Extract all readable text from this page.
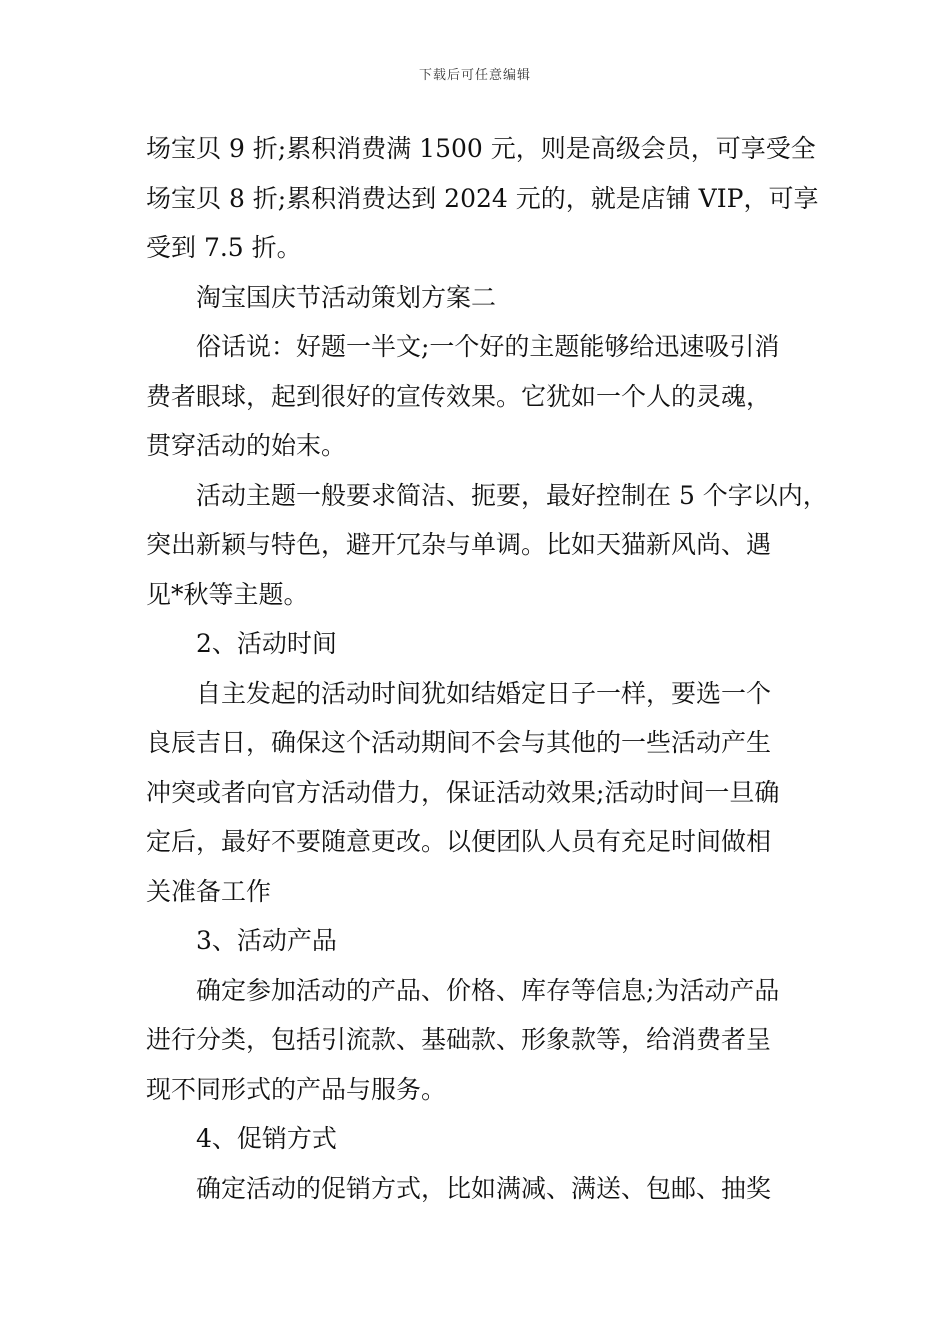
下载后可任意编辑
场宝贝 9 折;累积消费满 1500 元，则是高级会员，可享受全
场宝贝 8 折;累积消费达到 2024 元的，就是店铺 VIP，可享
受到 7.5 折。
淘宝国庆节活动策划方案二
俗话说：好题一半文;一个好的主题能够给迅速吸引消
费者眼球，起到很好的宣传效果。它犹如一个人的灵魂，
贯穿活动的始末。
活动主题一般要求简洁、扼要，最好控制在 5 个字以内，
突出新颖与特色，避开冗杂与单调。比如天猫新风尚、遇
见*秋等主题。
2、活动时间
自主发起的活动时间犹如结婚定日子一样，要选一个
良辰吉日，确保这个活动期间不会与其他的一些活动产生
冲突或者向官方活动借力，保证活动效果;活动时间一旦确
定后，最好不要随意更改。以便团队人员有充足时间做相
关准备工作
3、活动产品
确定参加活动的产品、价格、库存等信息;为活动产品
进行分类，包括引流款、基础款、形象款等，给消费者呈
现不同形式的产品与服务。
4、促销方式
确定活动的促销方式，比如满减、满送、包邮、抽奖
